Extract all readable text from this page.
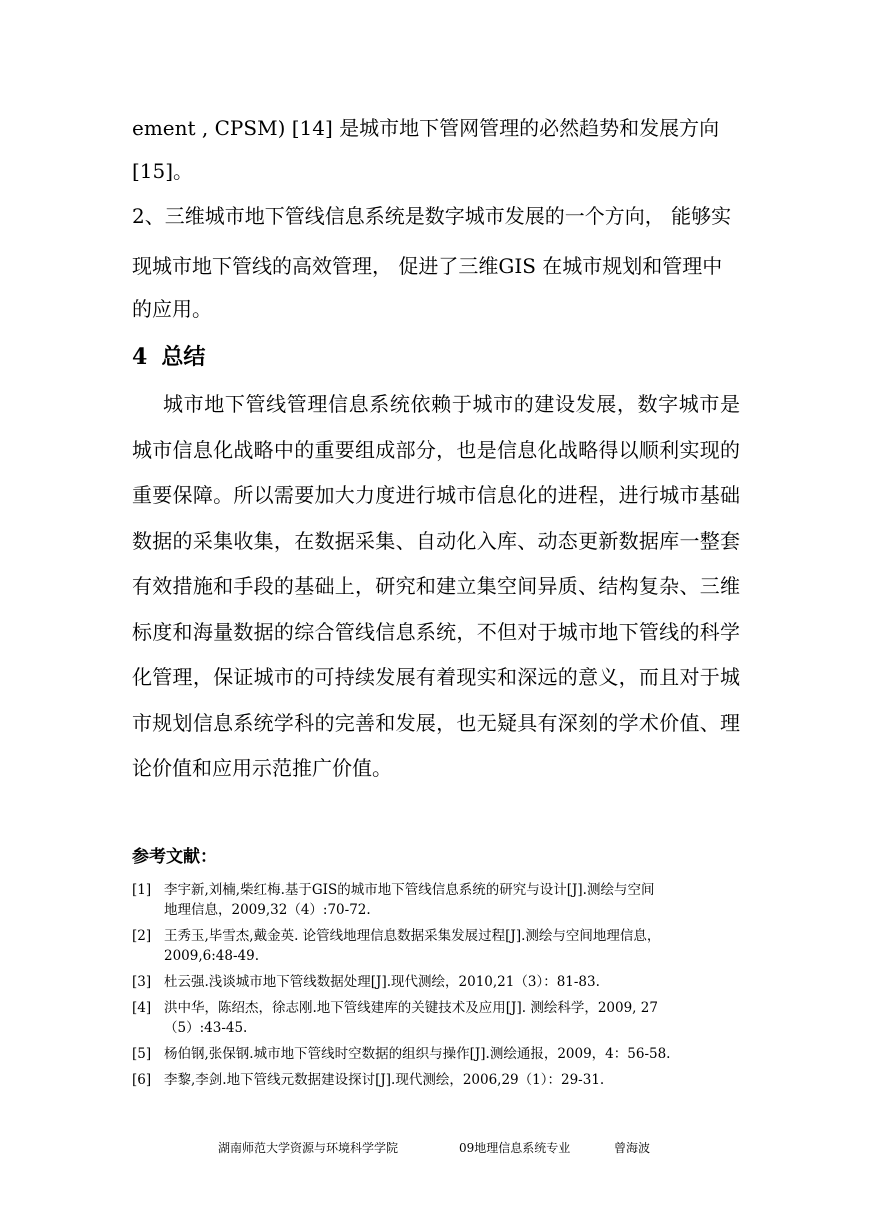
ement , CPSM) [14] 是城市地下管网管理的必然趋势和发展方向
[15]。
2、三维城市地下管线信息系统是数字城市发展的一个方向， 能够实
现城市地下管线的高效管理， 促进了三维GIS 在城市规划和管理中
的应用。
4 总结
城市地下管线管理信息系统依赖于城市的建设发展，数字城市是城市信息化战略中的重要组成部分，也是信息化战略得以顺利实现的重要保障。所以需要加大力度进行城市信息化的进程，进行城市基础数据的采集收集，在数据采集、自动化入库、动态更新数据库一整套有效措施和手段的基础上，研究和建立集空间异质、结构复杂、三维标度和海量数据的综合管线信息系统，不但对于城市地下管线的科学化管理，保证城市的可持续发展有着现实和深远的意义，而且对于城市规划信息系统学科的完善和发展，也无疑具有深刻的学术价值、理论价值和应用示范推广价值。
参考文献：
[1] 李宇新,刘楠,柴红梅.基于GIS的城市地下管线信息系统的研究与设计[J].测绘与空间
地理信息，2009,32（4）:70-72.
[2] 王秀玉,毕雪杰,戴金英. 论管线地理信息数据采集发展过程[J].测绘与空间地理信息，
2009,6:48-49.
[3] 杜云强.浅谈城市地下管线数据处理[J].现代测绘，2010,21（3）：81-83.
[4] 洪中华，陈绍杰，徐志刚.地下管线建库的关键技术及应用[J]. 测绘科学，2009, 27
（5）:43-45.
[5] 杨伯钢,张保钢.城市地下管线时空数据的组织与操作[J].测绘通报，2009，4：56-58.
[6] 李黎,李剑.地下管线元数据建设探讨[J].现代测绘，2006,29（1）：29-31.
湖南师范大学资源与环境科学学院	09地理信息系统专业	曾海波
